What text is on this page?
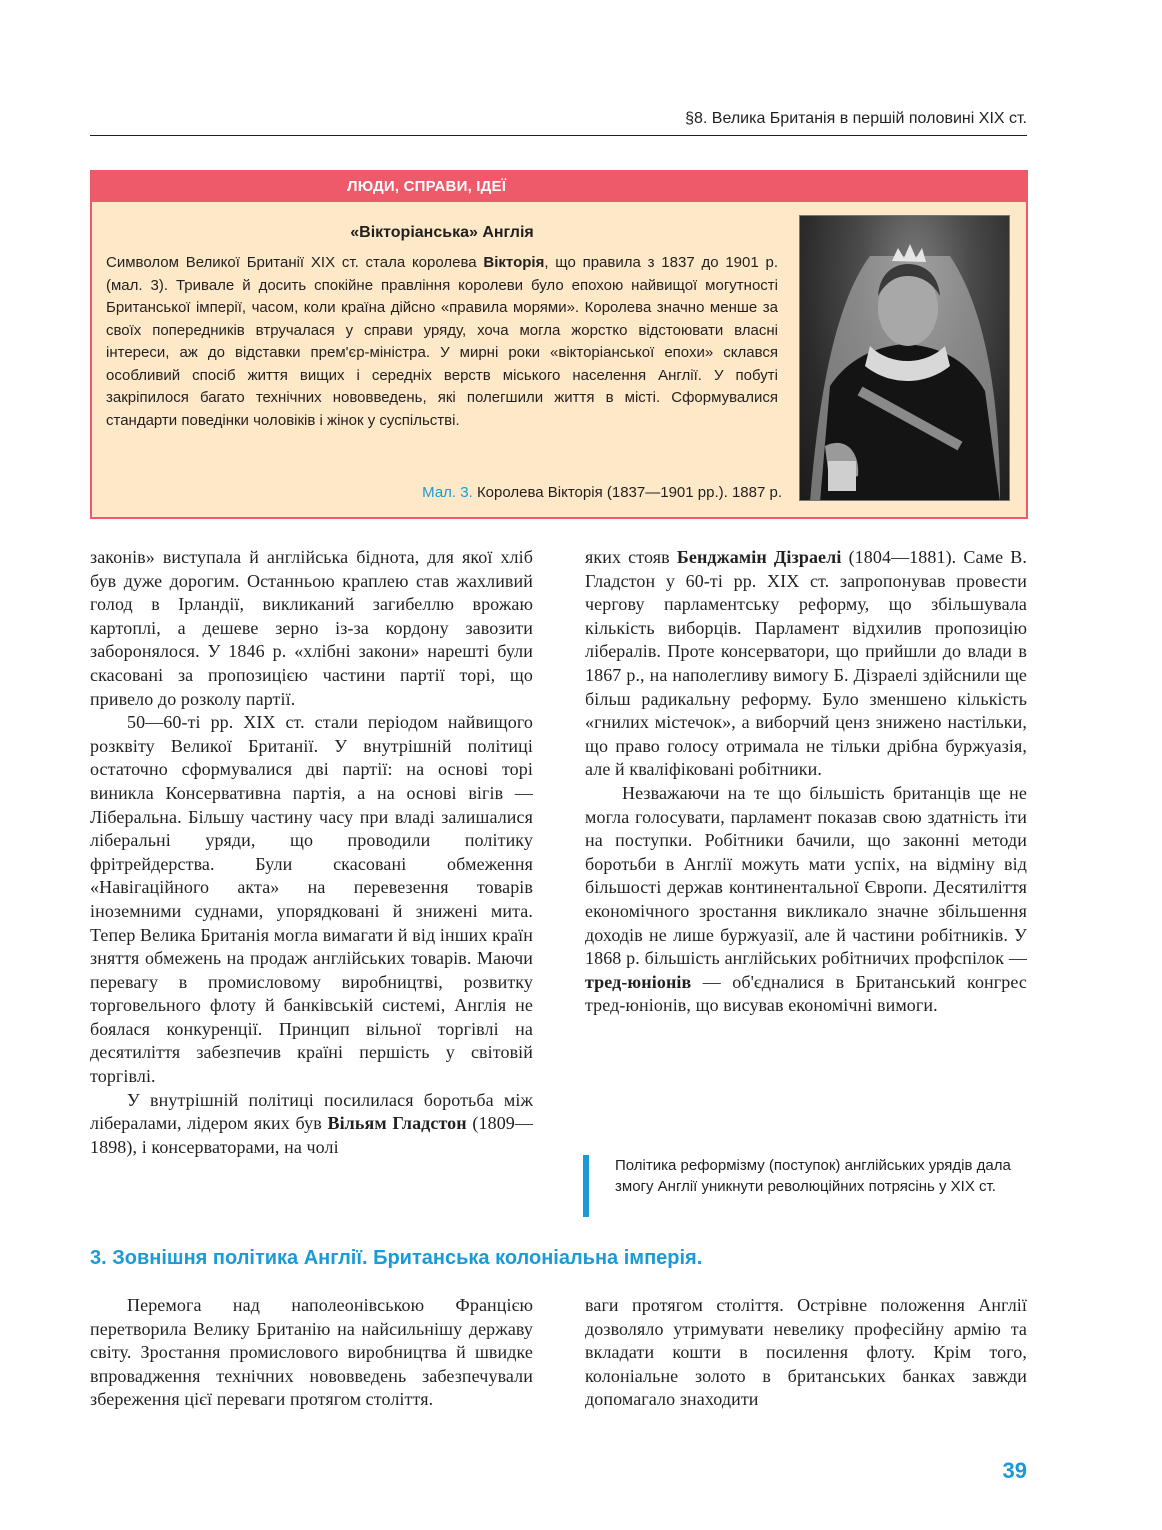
§8. Велика Британія в першій половині XIX ст.
ЛЮДИ, СПРАВИ, ІДЕЇ
«Вікторіанська» Англія
Символом Великої Британії XIX ст. стала королева Вікторія, що правила з 1837 до 1901 р. (мал. 3). Тривале й досить спокійне правління королеви було епохою найвищої могутності Британської імперії, часом, коли країна дійсно «правила морями». Королева значно менше за своїх попередників втручалася у справи уряду, хоча могла жорстко відстоювати власні інтереси, аж до відставки прем'єр-міністра. У мирні роки «вікторіанської епохи» склався особливий спосіб життя вищих і середніх верств міського населення Англії. У побуті закріпилося багато технічних нововведень, які полегшили життя в місті. Сформувалися стандарти поведінки чоловіків і жінок у суспільстві.
Мал. 3. Королева Вікторія (1837—1901 рр.). 1887 р.

законів» виступала й англійська біднота, для якої хліб був дуже дорогим. Останньою краплею став жахливий голод в Ірландії, викликаний загибеллю врожаю картоплі, а дешеве зерно із-за кордону завозити заборонялося. У 1846 р. «хлібні закони» нарешті були скасовані за пропозицією частини партії торі, що привело до розколу партії.

50—60-ті рр. XIX ст. стали періодом найвищого розквіту Великої Британії. У внутрішній політиці остаточно сформувалися дві партії: на основі торі виникла Консервативна партія, а на основі вігів — Ліберальна. Більшу частину часу при владі залишалися ліберальні уряди, що проводили політику фрітрейдерства. Були скасовані обмеження «Навігаційного акта» на перевезення товарів іноземними суднами, упорядковані й знижені мита. Тепер Велика Британія могла вимагати й від інших країн зняття обмежень на продаж англійських товарів. Маючи перевагу в промисловому виробництві, розвитку торговельного флоту й банківській системі, Англія не боялася конкуренції. Принцип вільної торгівлі на десятиліття забезпечив країні першість у світовій торгівлі.

У внутрішній політиці посилилася боротьба між лібералами, лідером яких був Вільям Гладстон (1809—1898), і консерваторами, на чолі

яких стояв Бенджамін Дізраелі (1804—1881). Саме В. Гладстон у 60-ті рр. XIX ст. запропонував провести чергову парламентську реформу, що збільшувала кількість виборців. Парламент відхилив пропозицію лібералів. Проте консерватори, що прийшли до влади в 1867 р., на наполегливу вимогу Б. Дізраелі здійснили ще більш радикальну реформу. Було зменшено кількість «гнилих містечок», а виборчий ценз знижено настільки, що право голосу отримала не тільки дрібна буржуазія, але й кваліфіковані робітники.

Незважаючи на те що більшість британців ще не могла голосувати, парламент показав свою здатність іти на поступки. Робітники бачили, що законні методи боротьби в Англії можуть мати успіх, на відміну від більшості держав континентальної Європи. Десятиліття економічного зростання викликало значне збільшення доходів не лише буржуазії, але й частини робітників. У 1868 р. більшість англійських робітничих профспілок — тред-юніонів — об'єдналися в Британський конгрес тред-юніонів, що висував економічні вимоги.

Політика реформізму (поступок) англійських урядів дала змогу Англії уникнути революційних потрясінь у XIX ст.
3. Зовнішня політика Англії. Британська колоніальна імперія.

Перемога над наполеонівською Францією перетворила Велику Британію на найсильнішу державу світу. Зростання промислового виробництва й швидке впровадження технічних нововведень забезпечували збереження цієї переваги протягом століття.

ваги протягом століття. Острівне положення Англії дозволяло утримувати невелику професійну армію та вкладати кошти в посилення флоту. Крім того, колоніальне золото в британських банках завжди допомагало знаходити

39
